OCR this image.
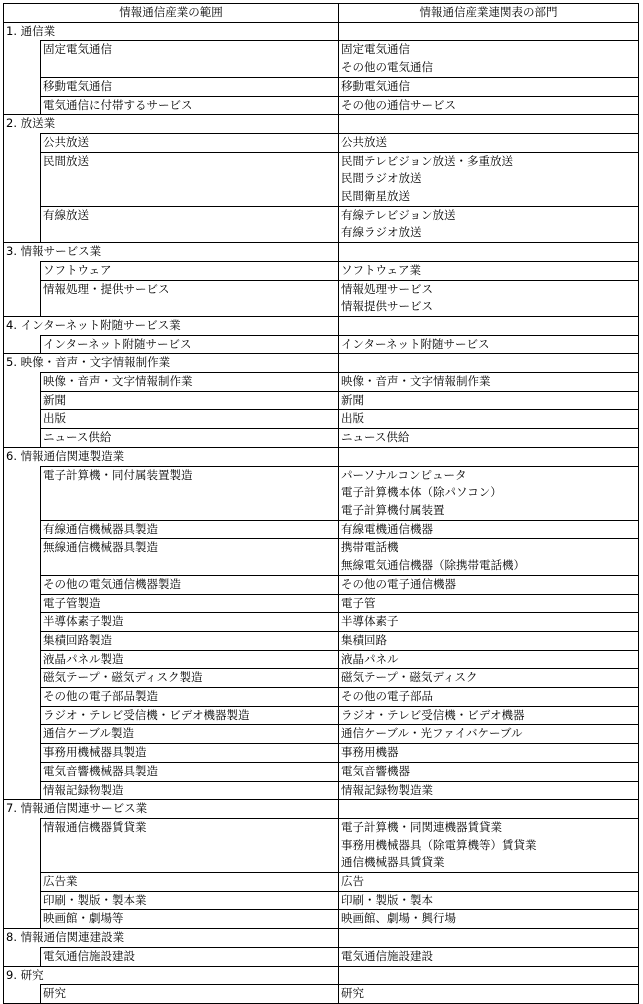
情報通信産業の範囲		情報通信産業連関表の部門
1. 通信業		
	固定電気通信	固定電気通信
その他の電気通信

	移動電気通信	移動電気通信

	電気通信に付帯するサービス	その他の通信サービス

2. 放送業		
	公共放送	公共放送

	民間放送	民間テレビジョン放送・多重放送
民間ラジオ放送
民間衛星放送

	有線放送	有線テレビジョン放送
有線ラジオ放送

3. 情報サービス業		
	ソフトウェア	ソフトウェア業

	情報処理・提供サービス	情報処理サービス
情報提供サービス

4. インターネット附随サービス業		
	インターネット附随サービス	インターネット附随サービス

5. 映像・音声・文字情報制作業		
	映像・音声・文字情報制作業	映像・音声・文字情報制作業

	新聞	新聞

	出版	出版

	ニュース供給	ニュース供給

6. 情報通信関連製造業		
	電子計算機・同付属装置製造	パーソナルコンピュータ
電子計算機本体（除パソコン）
電子計算機付属装置

	有線通信機械器具製造	有線電機通信機器

	無線通信機械器具製造	携帯電話機
無線電気通信機器（除携帯電話機）

	その他の電気通信機器製造	その他の電子通信機器

	電子管製造	電子管

	半導体素子製造	半導体素子

	集積回路製造	集積回路

	液晶パネル製造	液晶パネル

	磁気テープ・磁気ディスク製造	磁気テープ・磁気ディスク

	その他の電子部品製造	その他の電子部品

	ラジオ・テレビ受信機・ビデオ機器製造	ラジオ・テレビ受信機・ビデオ機器

	通信ケーブル製造	通信ケーブル・光ファイバケーブル

	事務用機械器具製造	事務用機器

	電気音響機械器具製造	電気音響機器

	情報記録物製造	情報記録物製造業

7. 情報通信関連サービス業		
	情報通信機器賃貸業	電子計算機・同関連機器賃貸業
事務用機械器具（除電算機等）賃貸業
通信機械器具賃貸業

	広告業	広告

	印刷・製版・製本業	印刷・製版・製本

	映画館・劇場等	映画館、劇場・興行場

8. 情報通信関連建設業		
	電気通信施設建設	電気通信施設建設

9. 研究		
	研究	研究
